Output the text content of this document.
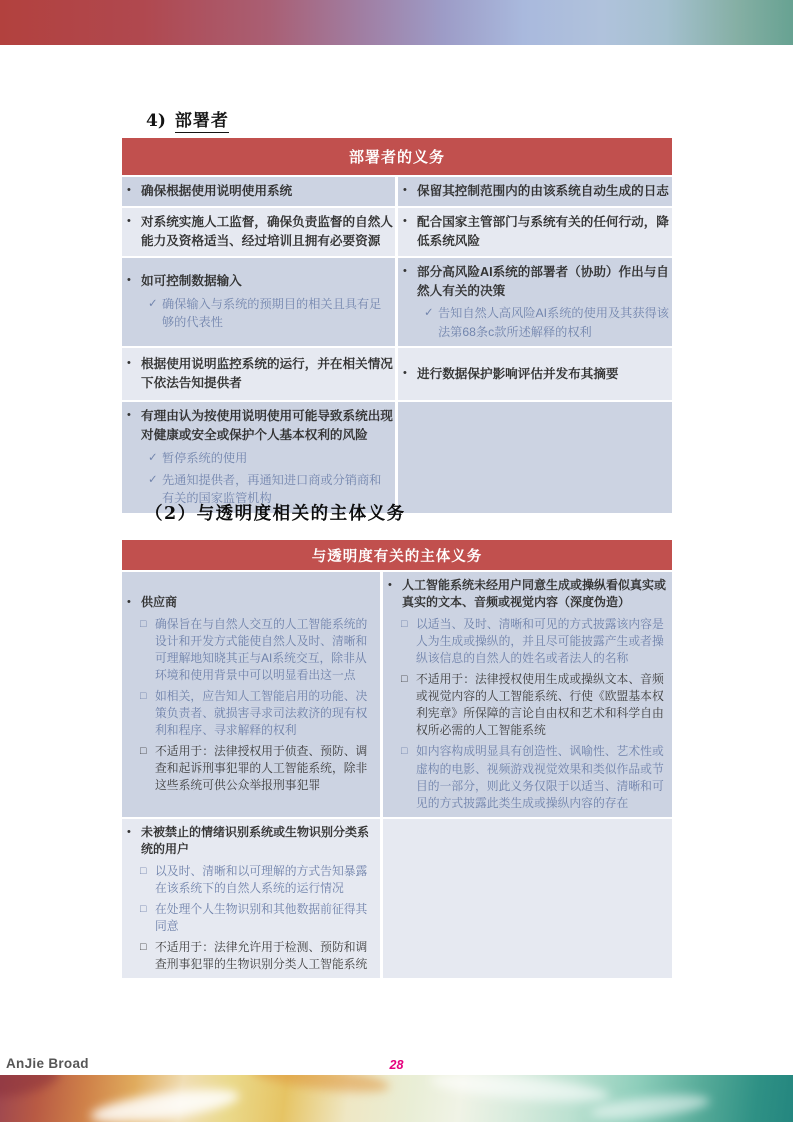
4) 部署者
部署者的义务
• 确保根据使用说明使用系统	• 保留其控制范围内的由该系统自动生成的日志
• 对系统实施人工监督，确保负责监督的自然人能力及资格适当、经过培训且拥有必要资源
• 配合国家主管部门与系统有关的任何行动，降低系统风险
• 如可控制数据输入
✓ 确保输入与系统的预期目的相关且具有足够的代表性
• 部分高风险AI系统的部署者（协助）作出与自然人有关的决策
✓ 告知自然人高风险AI系统的使用及其获得该法第68条c款所述解释的权利
• 根据使用说明监控系统的运行，并在相关情况下依法告知提供者
• 进行数据保护影响评估并发布其摘要
• 有理由认为按使用说明使用可能导致系统出现对健康或安全或保护个人基本权利的风险
✓ 暂停系统的使用
✓ 先通知提供者，再通知进口商或分销商和有关的国家监管机构
（2）与透明度相关的主体义务
与透明度有关的主体义务
• 供应商
□ 确保旨在与自然人交互的人工智能系统的设计和开发方式能使自然人及时、清晰和可理解地知晓其正与AI系统交互，除非从环境和使用背景中可以明显看出这一点
□ 如相关，应告知人工智能启用的功能、决策负责者、就损害寻求司法救济的现有权利和程序、寻求解释的权利
□ 不适用于：法律授权用于侦查、预防、调查和起诉刑事犯罪的人工智能系统，除非这些系统可供公众举报刑事犯罪
• 人工智能系统未经用户同意生成或操纵看似真实或真实的文本、音频或视觉内容（深度伪造）
□ 以适当、及时、清晰和可见的方式披露该内容是人为生成或操纵的，并且尽可能披露产生或者操纵该信息的自然人的姓名或者法人的名称
□ 不适用于：法律授权使用生成或操纵文本、音频或视觉内容的人工智能系统、行使《欧盟基本权利宪章》所保障的言论自由权和艺术和科学自由权所必需的人工智能系统
□ 如内容构成明显具有创造性、讽喻性、艺术性或虚构的电影、视频游戏视觉效果和类似作品或节目的一部分，则此义务仅限于以适当、清晰和可见的方式披露此类生成或操纵内容的存在
• 未被禁止的情绪识别系统或生物识别分类系统的用户
□ 以及时、清晰和以可理解的方式告知暴露在该系统下的自然人系统的运行情况
□ 在处理个人生物识别和其他数据前征得其同意
□ 不适用于：法律允许用于检测、预防和调查刑事犯罪的生物识别分类人工智能系统
AnJie Broad	28
